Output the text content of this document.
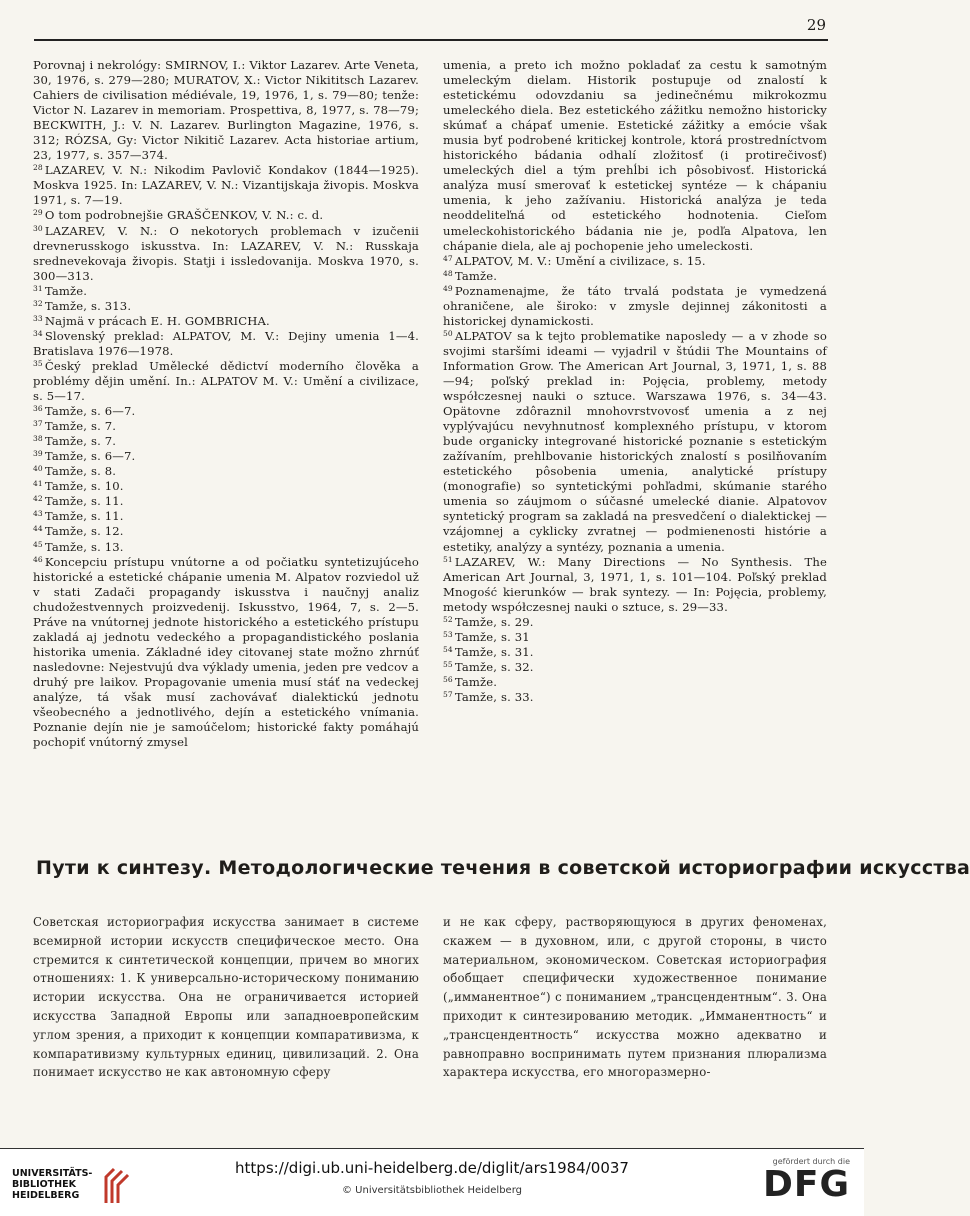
29

Porovnaj i nekrológy: SMIRNOV, I.: Viktor Lazarev. Arte Veneta, 30, 1976, s. 279—280; MURATOV, X.: Victor Nikititsch Lazarev. Cahiers de civilisation médiévale, 19, 1976, 1, s. 79—80; tenže: Victor N. Lazarev in memoriam. Prospettiva, 8, 1977, s. 78—79; BECKWITH, J.: V. N. Lazarev. Burlington Magazine, 1976, s. 312; RÓZSA, Gy: Victor Nikitič Lazarev. Acta historiae artium, 23, 1977, s. 357—374.

$^{28}$ LAZAREV, V. N.: Nikodim Pavlovič Kondakov (1844—1925). Moskva 1925. In: LAZAREV, V. N.: Vizantijskaja živopis. Moskva 1971, s. 7—19.

$^{29}$ O tom podrobnejšie GRAŠČENKOV, V. N.: c. d.

$^{30}$ LAZAREV, V. N.: O nekotorych problemach v izučenii drevnerusskogo iskusstva. In: LAZAREV, V. N.: Russkaja srednevekovaja živopis. Statji i issledovanija. Moskva 1970, s. 300—313.

$^{31}$ Tamže.

$^{32}$ Tamže, s. 313.

$^{33}$ Najmä v prácach E. H. GOMBRICHA.

$^{34}$ Slovenský preklad: ALPATOV, M. V.: Dejiny umenia 1—4. Bratislava 1976—1978.

$^{35}$ Český preklad Umělecké dědictví moderního člověka a problémy dějin umění. In.: ALPATOV M. V.: Umění a civilizace, s. 5—17.

$^{36}$ Tamže, s. 6—7.

$^{37}$ Tamže, s. 7.

$^{38}$ Tamže, s. 7.

$^{39}$ Tamže, s. 6—7.

$^{40}$ Tamže, s. 8.

$^{41}$ Tamže, s. 10.

$^{42}$ Tamže, s. 11.

$^{43}$ Tamže, s. 11.

$^{44}$ Tamže, s. 12.

$^{45}$ Tamže, s. 13.

$^{46}$ Koncepciu prístupu vnútorne a od počiatku syntetizujúceho historické a estetické chápanie umenia M. Alpatov rozviedol už v stati Zadači propagandy iskusstva i naučnyj analiz chudožestvennych proizvedenij. Iskusstvo, 1964, 7, s. 2—5. Práve na vnútornej jednote historického a estetického prístupu zakladá aj jednotu vedeckého a propagandistického poslania historika umenia. Základné idey citovanej state možno zhrnúť nasledovne: Nejestvujú dva výklady umenia, jeden pre vedcov a druhý pre laikov. Propagovanie umenia musí stáť na vedeckej analýze, tá však musí zachovávať dialektickú jednotu všeobecného a jednotlivého, dejín a estetického vnímania. Poznanie dejín nie je samoúčelom; historické fakty pomáhajú pochopiť vnútorný zmysel

umenia, a preto ich možno pokladať za cestu k samotným umeleckým dielam. Historik postupuje od znalostí k estetickému odovzdaniu sa jedinečnému mikrokozmu umeleckého diela. Bez estetického zážitku nemožno historicky skúmať a chápať umenie. Estetické zážitky a emócie však musia byť podrobené kritickej kontrole, ktorá prostredníctvom historického bádania odhalí zložitosť (i protirečivosť) umeleckých diel a tým prehĺbi ich pôsobivosť. Historická analýza musí smerovať k estetickej syntéze — k chápaniu umenia, k jeho zažívaniu. Historická analýza je teda neoddeliteľná od estetického hodnotenia. Cieľom umeleckohistorického bádania nie je, podľa Alpatova, len chápanie diela, ale aj pochopenie jeho umeleckosti.

$^{47}$ ALPATOV, M. V.: Umění a civilizace, s. 15.

$^{48}$ Tamže.

$^{49}$ Poznamenajme, že táto trvalá podstata je vymedzená ohraničene, ale široko: v zmysle dejinnej zákonitosti a historickej dynamickosti.

$^{50}$ ALPATOV sa k tejto problematike naposledy — a v zhode so svojimi staršími ideami — vyjadril v štúdii The Mountains of Information Grow. The American Art Journal, 3, 1971, 1, s. 88—94; poľský preklad in: Pojęcia, problemy, metody współczesnej nauki o sztuce. Warszawa 1976, s. 34—43. Opätovne zdôraznil mnohovrstvovosť umenia a z nej vyplývajúcu nevyhnutnosť komplexného prístupu, v ktorom bude organicky integrované historické poznanie s estetickým zažívaním, prehlbovanie historických znalostí s posilňovaním estetického pôsobenia umenia, analytické prístupy (monografie) so syntetickými pohľadmi, skúmanie starého umenia so záujmom o súčasné umelecké dianie. Alpatovov syntetický program sa zakladá na presvedčení o dialektickej — vzájomnej a cyklicky zvratnej — podmienenosti histórie a estetiky, analýzy a syntézy, poznania a umenia.

$^{51}$ LAZAREV, W.: Many Directions — No Synthesis. The American Art Journal, 3, 1971, 1, s. 101—104. Poľský preklad Mnogość kierunków — brak syntezy. — In: Pojęcia, problemy, metody współczesnej nauki o sztuce, s. 29—33.

$^{52}$ Tamže, s. 29.

$^{53}$ Tamže, s. 31

$^{54}$ Tamže, s. 31.

$^{55}$ Tamže, s. 32.

$^{56}$ Tamže.

$^{57}$ Tamže, s. 33.

Пути к синтезу. Методологические течения в советской историографии искусства
Советская историография искусства занимает в системе всемирной истории искусств специфическое место. Она стремится к синтетической концепции, причем во многих отношениях: 1. К универсально-историческому пониманию истории искусства. Она не ограничивается историей искусства Западной Европы или западноевропейским углом зрения, а приходит к концепции компаративизма, к компаративизму культурных единиц, цивилизаций. 2. Она понимает искусство не как автономную сферу
и не как сферу, растворяющуюся в других феноменах, скажем — в духовном, или, с другой стороны, в чисто материальном, экономическом. Советская историография обобщает специфически художественное понимание („имманентное“) с пониманием „трансцендентным“. 3. Она приходит к синтезированию методик. „Имманентность“ и „трансцендентность“ искусства можно адекватно и равноправно воспринимать путем признания плюрализма характера искусства, его многоразмерно-
UNIVERSITÄTS-
BIBLIOTHEK
HEIDELBERG
https://digi.ub.uni-heidelberg.de/diglit/ars1984/0037
© Universitätsbibliothek Heidelberg
gefördert durch die
DFG
